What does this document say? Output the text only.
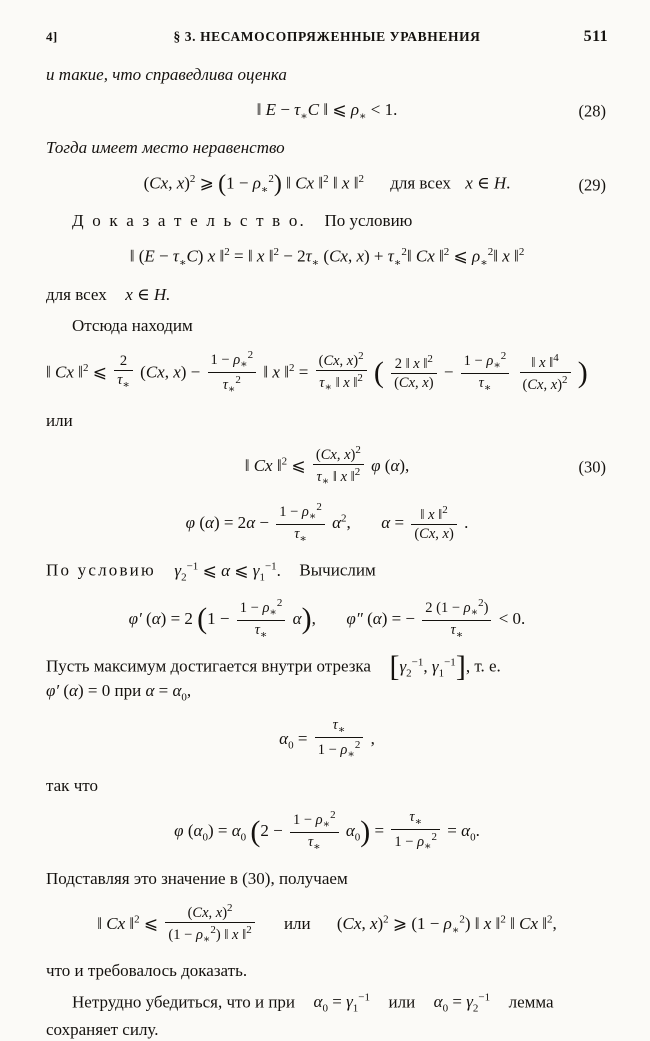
4]	§ 3. НЕСАМОСОПРЯЖЕННЫЕ УРАВНЕНИЯ	511

и такие, что справедлива оценка

‖ $E - \tau_∗C$ ‖ ⩽ $\rho_∗ < 1$.	(28)

Тогда имеет место неравенство

(Cx, x)$^2$ ⩾ $(1 - \rho_∗^2)$ ‖ Cx ‖$^2$ ‖ x ‖$^2$ для всех x ∈ H.	(29)

Д о к а з а т е л ь с т в о. По условию

‖ $(E - \tau_∗C)$ x ‖$^2$ = ‖ x ‖$^2$ − $2\tau_∗$ (Cx, $x) + \tau_∗^2‖$ Cx ‖$^2$ ⩽ $\rho_∗^2‖$ x ‖$^2$

для всех x ∈ H.

Отсюда находим

‖ Cx ‖$^2$ ⩽ $\frac{2}{\tau_∗} (Cx$, $x) - \frac{1 - \rho_∗^2}{\tau_∗^2}$ ‖ x ‖$^2$ = $\frac{(Cx, x)^2}{\tau_∗ ‖ x ‖^2}$ ( $\frac{2 ‖ x ‖^2}{(Cx, x)} - \frac{1 - \rho_∗^2}{\tau_∗}$
$\frac{‖ x ‖^4}{(Cx, x)^2}$ )

или

‖ Cx ‖$^2$ ⩽ $\frac{(Cx, x)^2}{\tau_∗ ‖ x ‖^2}$ φ (α),	(30)
φ $(\alpha) = 2\alpha - \frac{1 - \rho_∗^2}{\tau_∗} \alpha^2$,  $\alpha = \frac{‖ x ‖^2}{(Cx, x)}$ .

По условию $\gamma_2^{-1}$ ⩽ α ⩽ $\gamma_1^{-1}$.  Вычислим

φ′ (α) = 2 $(1 - \frac{1 - \rho_∗^2}{\tau_∗} \alpha)$,  φ″ (α) = − $\frac{2 (1 - \rho_∗^2)}{\tau_∗} < 0$.

Пусть максимум достигается внутри отрезка [$\gamma_2^{-1}$, $\gamma_1^{-1}$], т. е.
φ′ (α) = 0 при $\alpha = \alpha_0$,

$\alpha_0 = \frac{\tau_∗}{1 - \rho_∗^2}$ ,

так что

φ $(\alpha_0) = \alpha_0$ $(2 - \frac{1 - \rho_∗^2}{\tau_∗} \alpha_0) = \frac{\tau_∗}{1 - \rho_∗^2} = \alpha_0$.

Подставляя это значение в (30), получаем

‖ Cx ‖$^2$ ⩽ $\frac{(Cx, x)^2}{(1 - \rho_∗^2) ‖ x ‖^2}$ или (Cx, x)$^2$ ⩾ $(1 - \rho_∗^2)$ ‖ x ‖$^2$ ‖ Cx ‖$^2$,

что и требовалось доказать.

Нетрудно убедиться, что и при $\alpha_0 = \gamma_1^{-1}$ или $\alpha_0 = \gamma_2^{-1}$ лемма

сохраняет силу.
